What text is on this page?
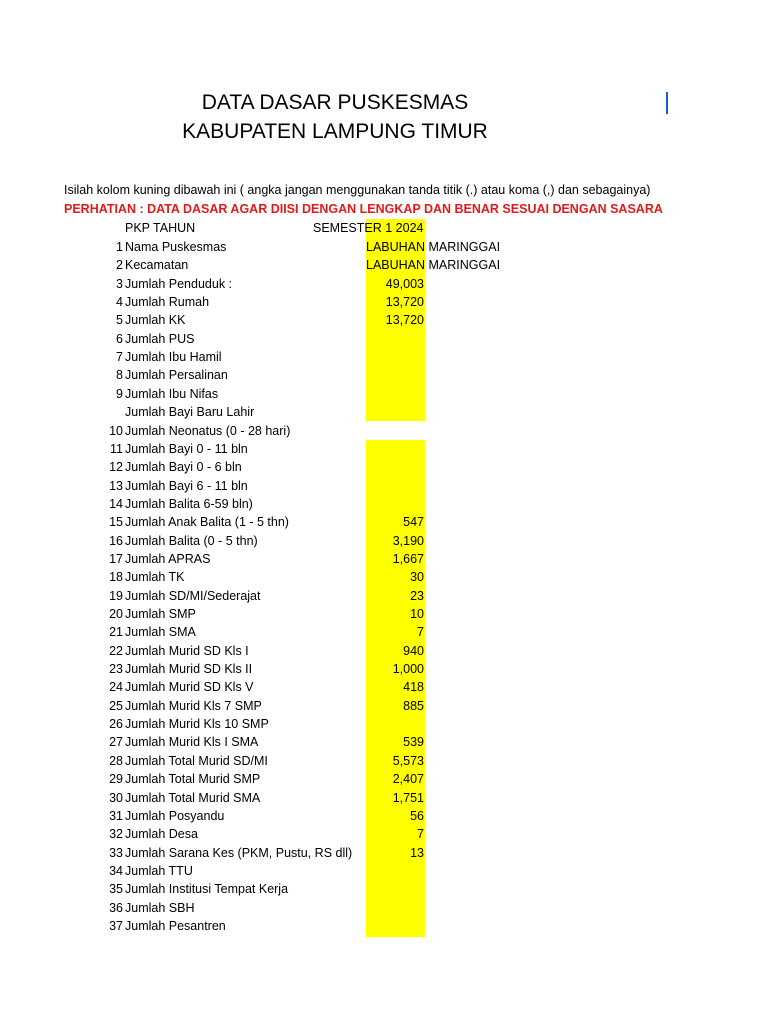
DATA DASAR PUSKESMAS
KABUPATEN LAMPUNG TIMUR
Isilah kolom kuning dibawah ini ( angka jangan menggunakan tanda titik (.) atau koma (,) dan sebagainya)
PERHATIAN : DATA DASAR AGAR DIISI DENGAN LENGKAP DAN BENAR SESUAI DENGAN SASARA
PKP TAHUN	SEMESTER 1 2024
1 Nama Puskesmas	LABUHAN MARINGGAI
2 Kecamatan	LABUHAN MARINGGAI
3 Jumlah Penduduk :	49,003
4 Jumlah Rumah	13,720
5 Jumlah KK	13,720
6 Jumlah PUS
7 Jumlah Ibu Hamil
8 Jumlah Persalinan
9 Jumlah Ibu Nifas
Jumlah Bayi Baru Lahir
10 Jumlah Neonatus (0 - 28 hari)
11 Jumlah Bayi 0 - 11 bln
12 Jumlah Bayi 0 - 6 bln
13 Jumlah Bayi 6 - 11 bln
14 Jumlah Balita 6-59 bln)
15 Jumlah Anak Balita (1 - 5 thn)	547
16 Jumlah Balita (0 - 5 thn)	3,190
17 Jumlah APRAS	1,667
18 Jumlah TK	30
19 Jumlah SD/MI/Sederajat	23
20 Jumlah SMP	10
21 Jumlah SMA	7
22 Jumlah Murid SD Kls I	940
23 Jumlah Murid SD Kls II	1,000
24 Jumlah Murid SD Kls V	418
25 Jumlah Murid Kls 7 SMP	885
26 Jumlah Murid Kls 10 SMP
27 Jumlah Murid Kls I SMA	539
28 Jumlah Total Murid SD/MI	5,573
29 Jumlah Total Murid SMP	2,407
30 Jumlah Total Murid SMA	1,751
31 Jumlah Posyandu	56
32 Jumlah Desa	7
33 Jumlah Sarana Kes (PKM, Pustu, RS dll)	13
34 Jumlah TTU
35 Jumlah Institusi Tempat Kerja
36 Jumlah SBH
37 Jumlah Pesantren
